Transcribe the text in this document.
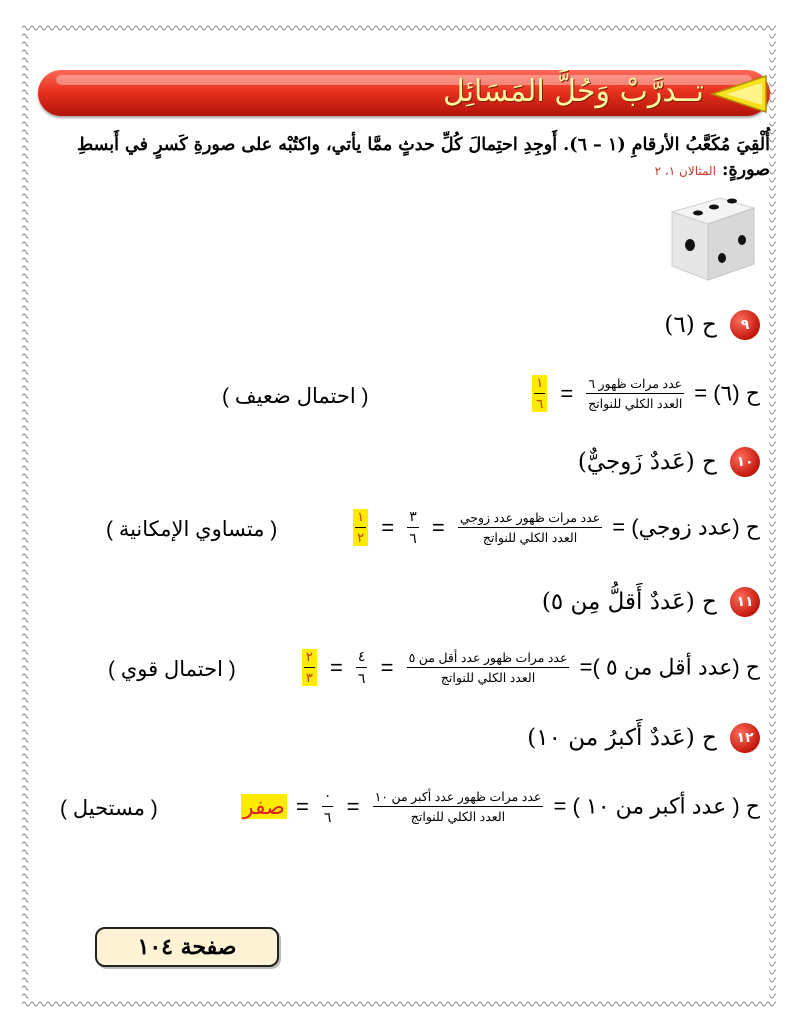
تــدرَّبْ وَحُلَّ المَسَائِل
أُلْقِيَ مُكَعَّبُ الأرقامِ (١ – ٦). أَوجِدِ احتِمالَ كُلِّ حدثٍ ممَّا يأتي، واكتُبْه على صورةِ كَسرٍ في أَبسطِ صورةٍ: المثالان ١، ٢
٩ ح (٦)
ح (٦) =
$\frac{\text{عدد مرات ظهور ٦}}{\text{العدد الكلي للنواتج}}$
=
$\frac{١}{٦}$
( احتمال ضعيف )
١٠ ح (عَددٌ زَوجيٌّ)
ح (عدد زوجي) =
$\frac{\text{عدد مرات ظهور عدد زوجي}}{\text{العدد الكلي للنواتج}}$
=
$\frac{٣}{٦}$
=
$\frac{١}{٢}$
( متساوي الإمكانية )
١١ ح (عَددٌ أَقلُّ مِن ٥)
ح (عدد أقل من ٥ )=
$\frac{\text{عدد مرات ظهور عدد أقل من ٥}}{\text{العدد الكلي للنواتج}}$
=
$\frac{٤}{٦}$
=
$\frac{٢}{٣}$
( احتمال قوي )
١٢ ح (عَددٌ أَكبرُ من ١٠)
ح ( عدد أكبر من ١٠ ) =
$\frac{\text{عدد مرات ظهور عدد أكبر من ١٠}}{\text{العدد الكلي للنواتج}}$
=
$\frac{٠}{٦}$
= صفر
( مستحيل )
صفحة ١٠٤
